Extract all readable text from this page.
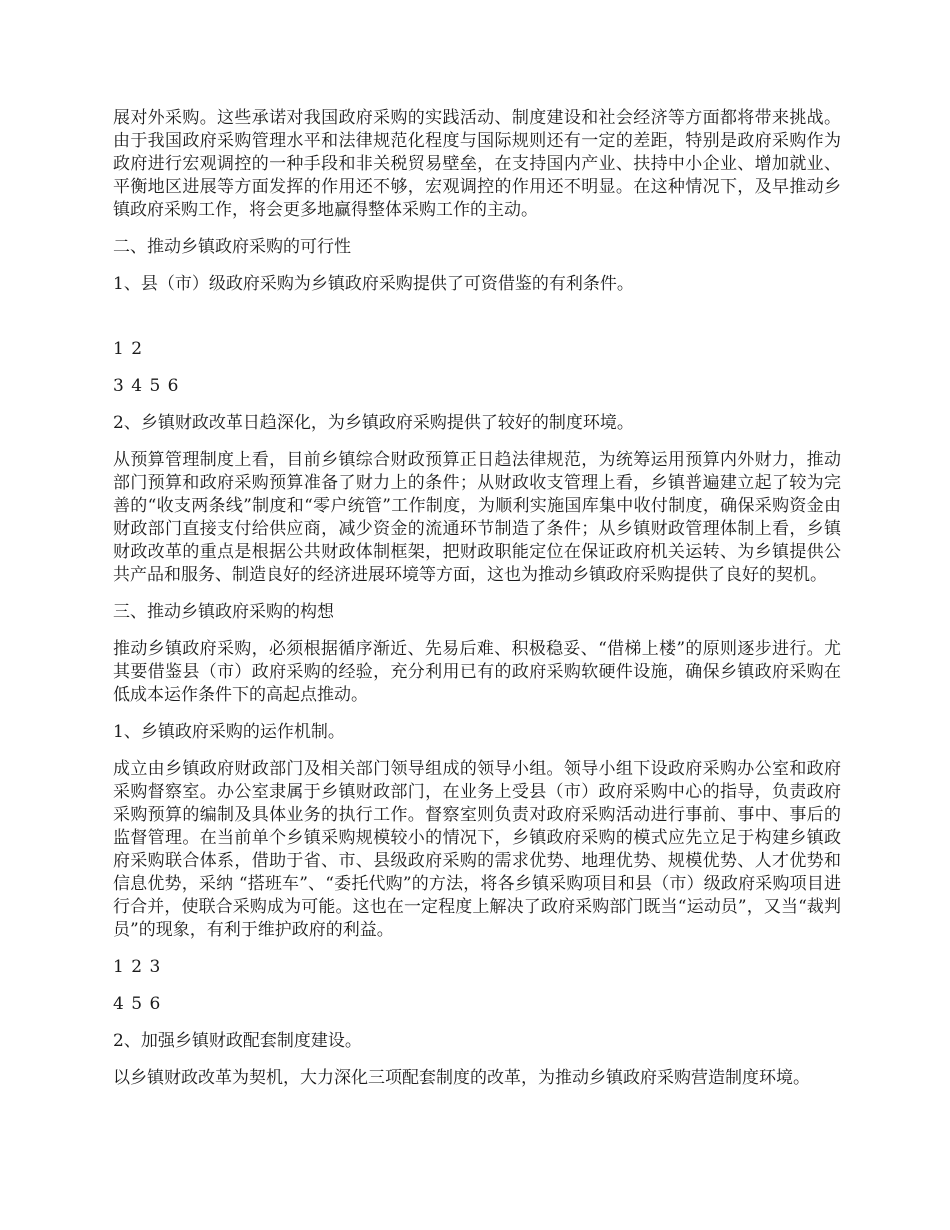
展对外采购。这些承诺对我国政府采购的实践活动、制度建设和社会经济等方面都将带来挑战。由于我国政府采购管理水平和法律规范化程度与国际规则还有一定的差距，特别是政府采购作为政府进行宏观调控的一种手段和非关税贸易壁垒，在支持国内产业、扶持中小企业、增加就业、平衡地区进展等方面发挥的作用还不够，宏观调控的作用还不明显。在这种情况下，及早推动乡镇政府采购工作，将会更多地赢得整体采购工作的主动。

二、推动乡镇政府采购的可行性

1、县（市）级政府采购为乡镇政府采购提供了可资借鉴的有利条件。

1 2

3 4 5 6

2、乡镇财政改革日趋深化，为乡镇政府采购提供了较好的制度环境。

从预算管理制度上看，目前乡镇综合财政预算正日趋法律规范，为统筹运用预算内外财力，推动部门预算和政府采购预算准备了财力上的条件；从财政收支管理上看，乡镇普遍建立起了较为完善的“收支两条线”制度和“零户统管”工作制度，为顺利实施国库集中收付制度，确保采购资金由财政部门直接支付给供应商，减少资金的流通环节制造了条件；从乡镇财政管理体制上看，乡镇财政改革的重点是根据公共财政体制框架，把财政职能定位在保证政府机关运转、为乡镇提供公共产品和服务、制造良好的经济进展环境等方面，这也为推动乡镇政府采购提供了良好的契机。

三、推动乡镇政府采购的构想

推动乡镇政府采购，必须根据循序渐近、先易后难、积极稳妥、“借梯上楼”的原则逐步进行。尤其要借鉴县（市）政府采购的经验，充分利用已有的政府采购软硬件设施，确保乡镇政府采购在低成本运作条件下的高起点推动。

1、乡镇政府采购的运作机制。

成立由乡镇政府财政部门及相关部门领导组成的领导小组。领导小组下设政府采购办公室和政府采购督察室。办公室隶属于乡镇财政部门，在业务上受县（市）政府采购中心的指导，负责政府采购预算的编制及具体业务的执行工作。督察室则负责对政府采购活动进行事前、事中、事后的监督管理。在当前单个乡镇采购规模较小的情况下，乡镇政府采购的模式应先立足于构建乡镇政府采购联合体系，借助于省、市、县级政府采购的需求优势、地理优势、规模优势、人才优势和信息优势，采纳 “搭班车”、“委托代购”的方法，将各乡镇采购项目和县（市）级政府采购项目进行合并，使联合采购成为可能。这也在一定程度上解决了政府采购部门既当“运动员”，又当“裁判员”的现象，有利于维护政府的利益。

1 2 3

4 5 6

2、加强乡镇财政配套制度建设。

以乡镇财政改革为契机，大力深化三项配套制度的改革，为推动乡镇政府采购营造制度环境。
